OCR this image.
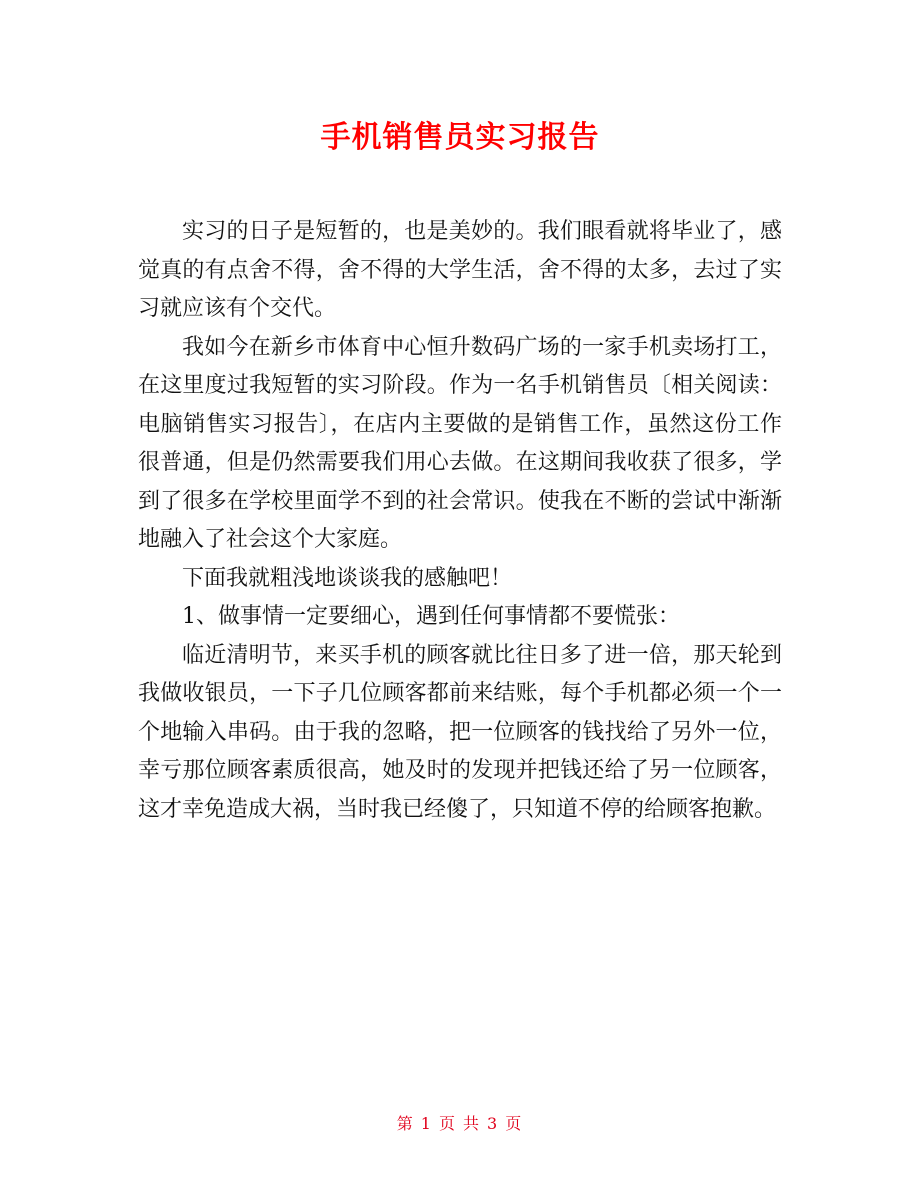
手机销售员实习报告

实习的日子是短暂的，也是美妙的。我们眼看就将毕业了，感觉真的有点舍不得，舍不得的大学生活，舍不得的太多，去过了实习就应该有个交代。

我如今在新乡市体育中心恒升数码广场的一家手机卖场打工，在这里度过我短暂的实习阶段。作为一名手机销售员〔相关阅读：电脑销售实习报告〕，在店内主要做的是销售工作，虽然这份工作很普通，但是仍然需要我们用心去做。在这期间我收获了很多，学到了很多在学校里面学不到的社会常识。使我在不断的尝试中渐渐地融入了社会这个大家庭。

下面我就粗浅地谈谈我的感触吧！

1、做事情一定要细心，遇到任何事情都不要慌张：

临近清明节，来买手机的顾客就比往日多了进一倍，那天轮到我做收银员，一下子几位顾客都前来结账，每个手机都必须一个一个地输入串码。由于我的忽略，把一位顾客的钱找给了另外一位，幸亏那位顾客素质很高，她及时的发现并把钱还给了另一位顾客，这才幸免造成大祸，当时我已经傻了，只知道不停的给顾客抱歉。

第 1 页 共 3 页
